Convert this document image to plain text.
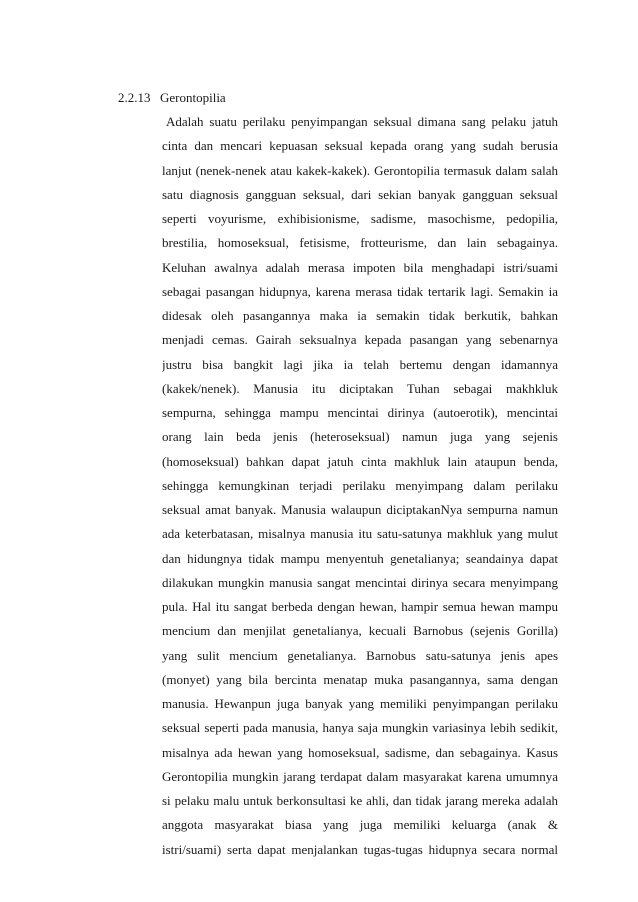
2.2.13 Gerontopilia
Adalah suatu perilaku penyimpangan seksual dimana sang pelaku jatuh
cinta dan mencari kepuasan seksual kepada orang yang sudah berusia
lanjut (nenek-nenek atau kakek-kakek). Gerontopilia termasuk dalam salah
satu diagnosis gangguan seksual, dari sekian banyak gangguan seksual
seperti voyurisme, exhibisionisme, sadisme, masochisme, pedopilia,
brestilia, homoseksual, fetisisme, frotteurisme, dan lain sebagainya.
Keluhan awalnya adalah merasa impoten bila menghadapi istri/suami
sebagai pasangan hidupnya, karena merasa tidak tertarik lagi. Semakin ia
didesak oleh pasangannya maka ia semakin tidak berkutik, bahkan
menjadi cemas. Gairah seksualnya kepada pasangan yang sebenarnya
justru bisa bangkit lagi jika ia telah bertemu dengan idamannya
(kakek/nenek). Manusia itu diciptakan Tuhan sebagai makhkluk
sempurna, sehingga mampu mencintai dirinya (autoerotik), mencintai
orang lain beda jenis (heteroseksual) namun juga yang sejenis
(homoseksual) bahkan dapat jatuh cinta makhluk lain ataupun benda,
sehingga kemungkinan terjadi perilaku menyimpang dalam perilaku
seksual amat banyak. Manusia walaupun diciptakanNya sempurna namun
ada keterbatasan, misalnya manusia itu satu-satunya makhluk yang mulut
dan hidungnya tidak mampu menyentuh genetalianya; seandainya dapat
dilakukan mungkin manusia sangat mencintai dirinya secara menyimpang
pula. Hal itu sangat berbeda dengan hewan, hampir semua hewan mampu
mencium dan menjilat genetalianya, kecuali Barnobus (sejenis Gorilla)
yang sulit mencium genetalianya. Barnobus satu-satunya jenis apes
(monyet) yang bila bercinta menatap muka pasangannya, sama dengan
manusia. Hewanpun juga banyak yang memiliki penyimpangan perilaku
seksual seperti pada manusia, hanya saja mungkin variasinya lebih sedikit,
misalnya ada hewan yang homoseksual, sadisme, dan sebagainya. Kasus
Gerontopilia mungkin jarang terdapat dalam masyarakat karena umumnya
si pelaku malu untuk berkonsultasi ke ahli, dan tidak jarang mereka adalah
anggota masyarakat biasa yang juga memiliki keluarga (anak &
istri/suami) serta dapat menjalankan tugas-tugas hidupnya secara normal
